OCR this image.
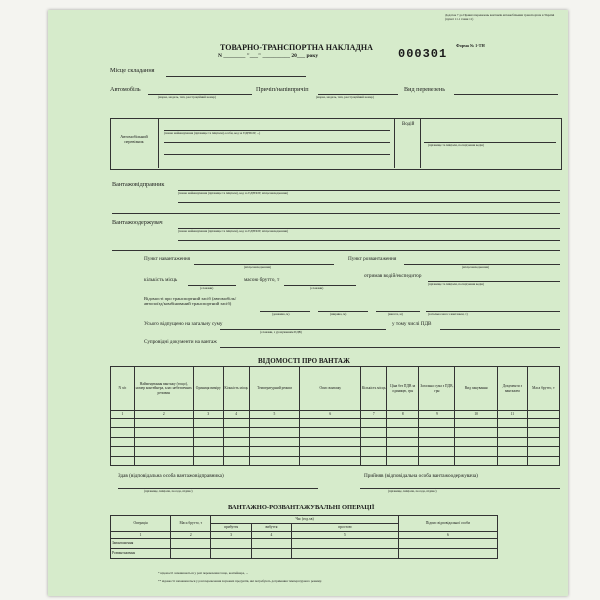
Додаток 7 до Правил перевезень вантажів автомобільним транспортом в Україні (пункт 11.1 глави 11)
ТОВАРНО-ТРАНСПОРТНА НАКЛАДНА	Форма № 1-ТН
N ________ "___" __________ 20___ року	000301
Місце складання
Автомобіль
(марка, модель, тип, реєстраційний номер)
Причіп/напівпричіп
(марка, модель, тип, реєстраційний номер)
Вид перевезень
Автомобільний перевізник
Водій
(повне найменування (прізвище та ініціали) особи, код за ЄДРПОУ, ...)
(прізвище та ініціали, посвідчення водія)
Вантажовідправник
(повне найменування (прізвище та ініціали), код за ЄДРПОУ, місцезнаходження)
Вантажоодержувач
(повне найменування (прізвище та ініціали), код за ЄДРПОУ, місцезнаходження)
Пункт навантаження
(місцезнаходження)
Пункт розвантаження
(місцезнаходження)
кількість місць
(словами)
масою брутто, т
(словами)
отримав водій/експедитор
(прізвище та ініціали, посвідчення водія)
Відомості про транспортний засіб (автомобіль/автопоїзд/комбінований транспортний засіб)
(довжина, м)	(ширина, м)	(висота, м)	(загальна маса з вантажем, т)
Усього відпущено на загальну суму
(словами, з урахуванням ПДВ)
у тому числі ПДВ
Супровідні документи на вантаж
ВІДОМОСТІ ПРО ВАНТАЖ
N з/п	Найменування вантажу (тощо), номер контейнера, клас небезпечних речовин	Одиниця виміру	Кількість місць	Температурний режим	Опис вантажу	Кількість місць	Ціна без ПДВ за одиницю, грн	Загальна сума з ПДВ, грн	Вид пакування	Документи з вантажем	Маса брутто, т
1	2	3	4	5	6	7	8	9	10	11	

Здав (відповідальна особа вантажовідправника)
(прізвище, ініціали, посада, підпис)
Прийняв (відповідальна особа вантажоодержувача)
(прізвище, ініціали, посада, підпис)
ВАНТАЖНО-РОЗВАНТАЖУВАЛЬНІ ОПЕРАЦІЇ
Операція	Маса брутто, т	Час (год.хв)			Підпис відповідальної особи
		прибуття	вибуття	простою	
1	2	3	4	5	6
Завантаження					
Розвантаження					
* відомості заповнюються у разі перевезення тощо, контейнера, ...
** відомості заповнюються у разі перевезення харчових продуктів, які потребують дотримання температурного режиму.
